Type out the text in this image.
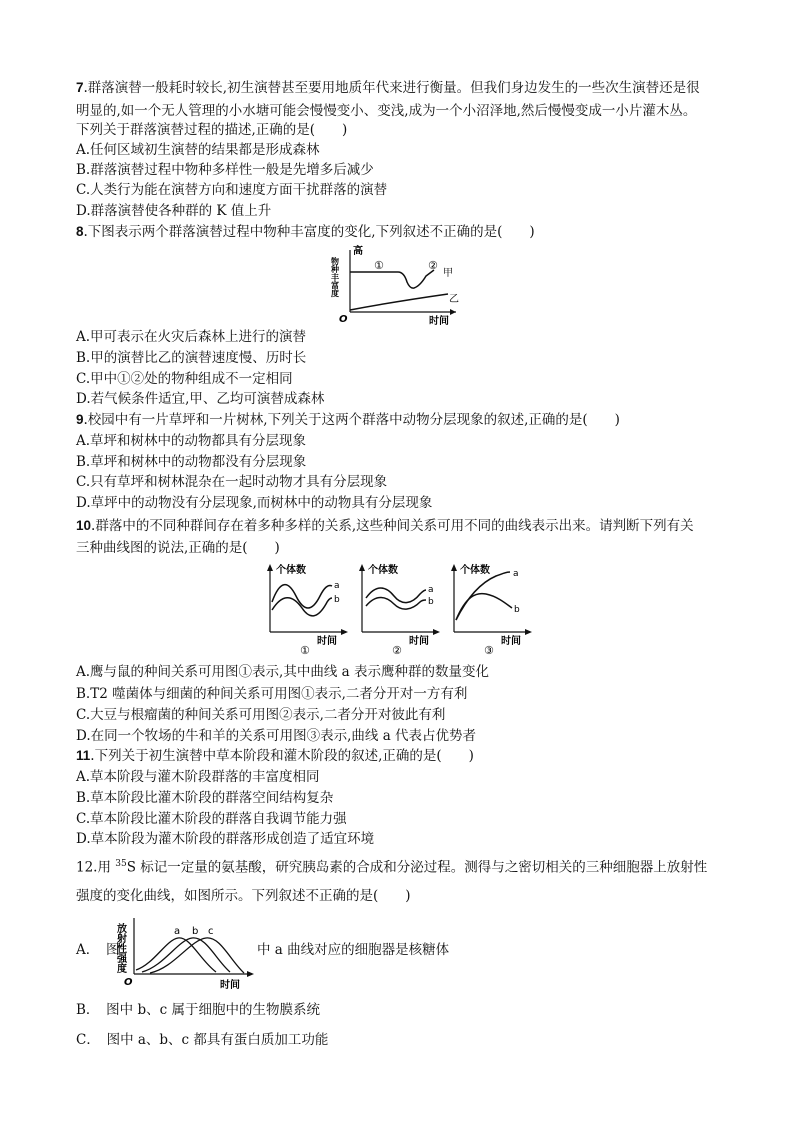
7.群落演替一般耗时较长,初生演替甚至要用地质年代来进行衡量。但我们身边发生的一些次生演替还是很
明显的,如一个无人管理的小水塘可能会慢慢变小、变浅,成为一个小沼泽地,然后慢慢变成一小片灌木丛。
下列关于群落演替过程的描述,正确的是(　　)
A.任何区域初生演替的结果都是形成森林
B.群落演替过程中物种多样性一般是先增多后减少
C.人类行为能在演替方向和速度方面干扰群落的演替
D.群落演替使各种群的 K 值上升
8.下图表示两个群落演替过程中物种丰富度的变化,下列叙述不正确的是(　　)
物种丰富度
高
O	时间
①	②
甲
乙
A.甲可表示在火灾后森林上进行的演替
B.甲的演替比乙的演替速度慢、历时长
C.甲中①②处的物种组成不一定相同
D.若气候条件适宜,甲、乙均可演替成森林
9.校园中有一片草坪和一片树林,下列关于这两个群落中动物分层现象的叙述,正确的是(　　)
A.草坪和树林中的动物都具有分层现象
B.草坪和树林中的动物都没有分层现象
C.只有草坪和树林混杂在一起时动物才具有分层现象
D.草坪中的动物没有分层现象,而树林中的动物具有分层现象
10.群落中的不同种群间存在着多种多样的关系,这些种间关系可用不同的曲线表示出来。请判断下列有关
三种曲线图的说法,正确的是(　　)
个体数
时间
①
a
b
个体数
时间
②
a
b
个体数
时间
③
a
b
A.鹰与鼠的种间关系可用图①表示,其中曲线 a 表示鹰种群的数量变化
B.T2 噬菌体与细菌的种间关系可用图①表示,二者分开对一方有利
C.大豆与根瘤菌的种间关系可用图②表示,二者分开对彼此有利
D.在同一个牧场的牛和羊的关系可用图③表示,曲线 a 代表占优势者
11.下列关于初生演替中草本阶段和灌木阶段的叙述,正确的是(　　)
A.草本阶段与灌木阶段群落的丰富度相同
B.草本阶段比灌木阶段的群落空间结构复杂
C.草本阶段比灌木阶段的群落自我调节能力强
D.草本阶段为灌木阶段的群落形成创造了适宜环境
12.用 $^{35}$S 标记一定量的氨基酸，研究胰岛素的合成和分泌过程。测得与之密切相关的三种细胞器上放射性
强度的变化曲线，如图所示。下列叙述不正确的是(　　)
A．　图
放射性强度
O	时间
a b c
中 a 曲线对应的细胞器是核糖体
B．　图中 b、c 属于细胞中的生物膜系统
C．　图中 a、b、c 都具有蛋白质加工功能
